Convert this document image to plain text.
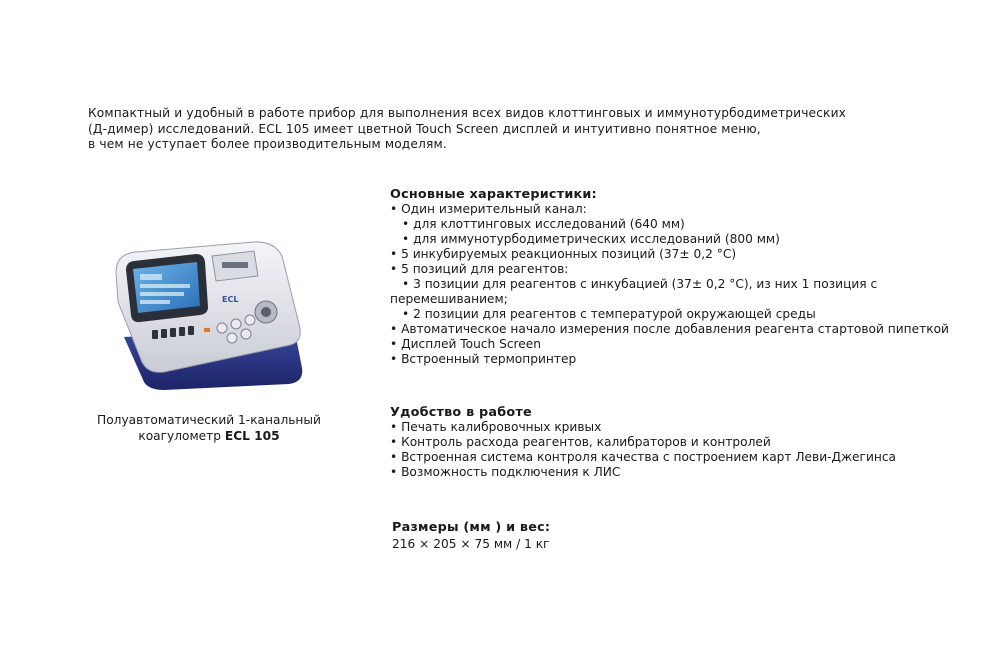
Компактный и удобный в работе прибор для выполнения всех видов клоттинговых и иммунотурбодиметрических
(Д-димер) исследований. ECL 105 имеет цветной Touch Screen дисплей и интуитивно понятное меню,
в чем не уступает более производительным моделям.
ECL
Полуавтоматический 1-канальный
коагулометр ECL 105
Основные характеристики:
• Один измерительный канал:
• для клоттинговых исследований (640 мм)
• для иммунотурбодиметрических исследований (800 мм)
• 5 инкубируемых реакционных позиций (37± 0,2 °C)
• 5 позиций для реагентов:
• 3 позиции для реагентов с инкубацией (37± 0,2 °C), из них 1 позиция с
перемешиванием;
• 2 позиции для реагентов с температурой окружающей среды
• Автоматическое начало измерения после добавления реагента стартовой пипеткой
• Дисплей Touch Screen
• Встроенный термопринтер
Удобство в работе
• Печать калибровочных кривых
• Контроль расхода реагентов, калибраторов и контролей
• Встроенная система контроля качества с построением карт Леви-Джегинса
• Возможность подключения к ЛИС
Размеры (мм ) и вес:
216 × 205 × 75 мм / 1 кг
